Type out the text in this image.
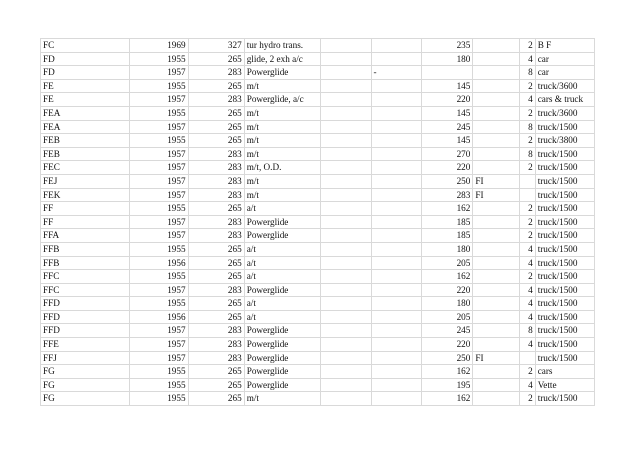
FC	1969	327	tur hydro trans.			235		2	B F
FD	1955	265	glide, 2 exh a/c			180		4	car
FD	1957	283	Powerglide		-			8	car
FE	1955	265	m/t			145		2	truck/3600
FE	1957	283	Powerglide, a/c			220		4	cars & truck
FEA	1955	265	m/t			145		2	truck/3600
FEA	1957	265	m/t			245		8	truck/1500
FEB	1955	265	m/t			145		2	truck/3800
FEB	1957	283	m/t			270		8	truck/1500
FEC	1957	283	m/t, O.D.			220		2	truck/1500
FEJ	1957	283	m/t			250	FI		truck/1500
FEK	1957	283	m/t			283	FI		truck/1500
FF	1955	265	a/t			162		2	truck/1500
FF	1957	283	Powerglide			185		2	truck/1500
FFA	1957	283	Powerglide			185		2	truck/1500
FFB	1955	265	a/t			180		4	truck/1500
FFB	1956	265	a/t			205		4	truck/1500
FFC	1955	265	a/t			162		2	truck/1500
FFC	1957	283	Powerglide			220		4	truck/1500
FFD	1955	265	a/t			180		4	truck/1500
FFD	1956	265	a/t			205		4	truck/1500
FFD	1957	283	Powerglide			245		8	truck/1500
FFE	1957	283	Powerglide			220		4	truck/1500
FFJ	1957	283	Powerglide			250	FI		truck/1500
FG	1955	265	Powerglide			162		2	cars
FG	1955	265	Powerglide			195		4	Vette
FG	1955	265	m/t			162		2	truck/1500
